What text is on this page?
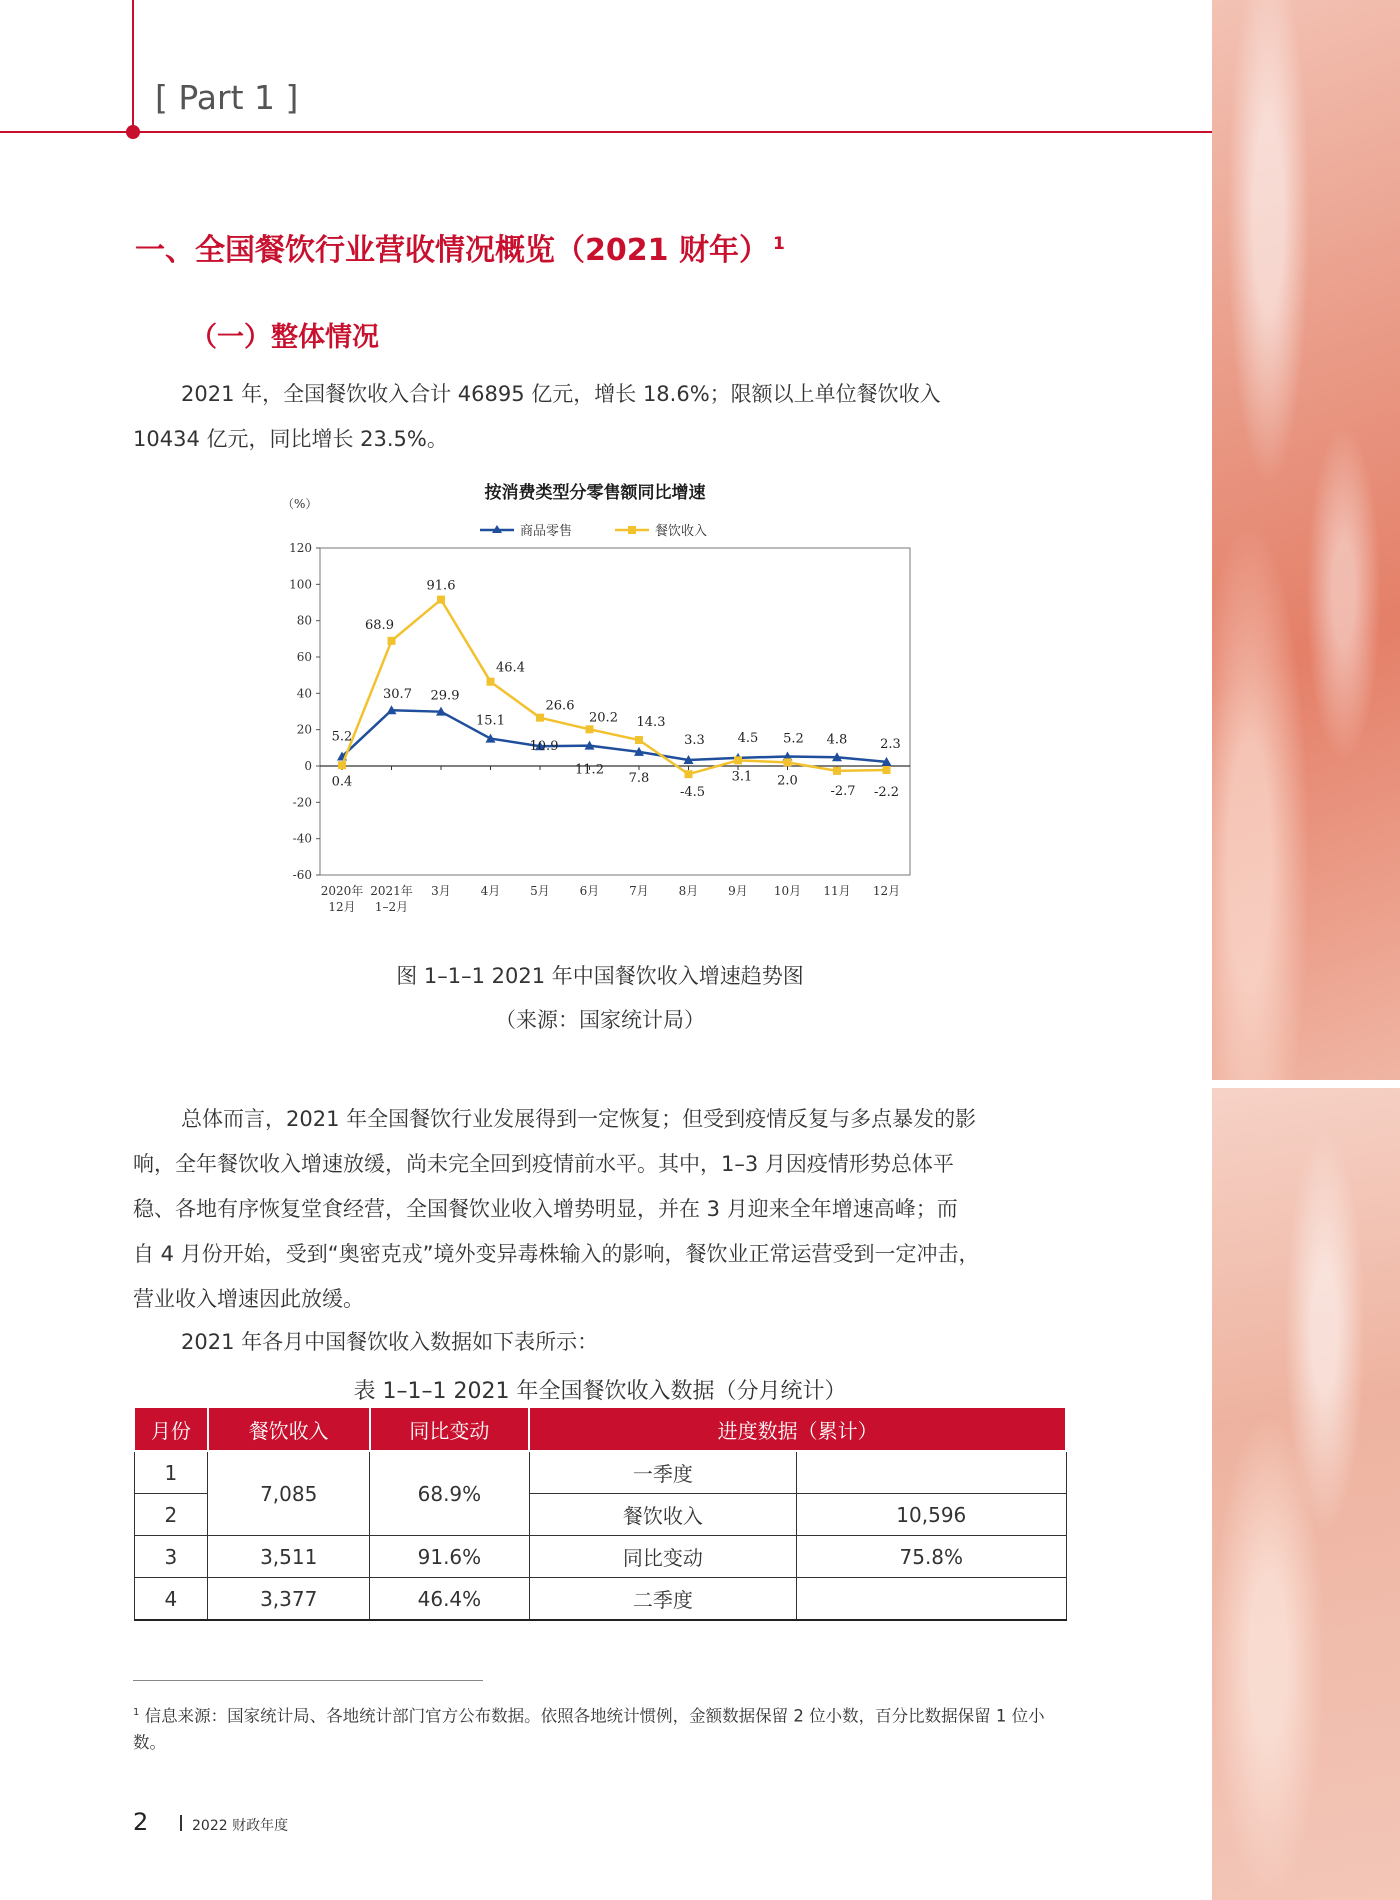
[ Part 1 ]
一、全国餐饮行业营收情况概览（2021 财年） $^1$
（一）整体情况
2021 年，全国餐饮收入合计 46895 亿元，增长 18.6%；限额以上单位餐饮收入
10434 亿元，同比增长 23.5%。
按消费类型分零售额同比增速
（%）
商品零售	餐饮收入
120
100
80
60
40
20
0
-20
-40
-60
2020年
12月
2021年
1–2月
3月 4月 5月 6月 7月 8月 9月 10月 11月 12月
5.2
0.4
68.9
30.7
91.6
29.9
46.4
15.1
26.6
10.9
20.2
11.2
14.3
7.8
3.3
-4.5
4.5
3.1
5.2
2.0
4.8
-2.7
2.3
-2.2
图 1–1–1 2021 年中国餐饮收入增速趋势图
（来源：国家统计局）
总体而言，2021 年全国餐饮行业发展得到一定恢复；但受到疫情反复与多点暴发的影
响，全年餐饮收入增速放缓，尚未完全回到疫情前水平。其中，1–3 月因疫情形势总体平
稳、各地有序恢复堂食经营，全国餐饮业收入增势明显，并在 3 月迎来全年增速高峰；而
自 4 月份开始，受到“奥密克戎”境外变异毒株输入的影响，餐饮业正常运营受到一定冲击，
营业收入增速因此放缓。
2021 年各月中国餐饮收入数据如下表所示：
表 1–1–1 2021 年全国餐饮收入数据（分月统计）
月份	餐饮收入	同比变动	进度数据（累计）	
1	7,085	68.9%	一季度	
2			餐饮收入	10,596
3	3,511	91.6%	同比变动	75.8%
4	3,377	46.4%	二季度	
$^1$ 信息来源：国家统计局、各地统计部门官方公布数据。依照各地统计惯例，金额数据保留 2 位小数，百分比数据保留 1 位小数。
2	2022 财政年度
